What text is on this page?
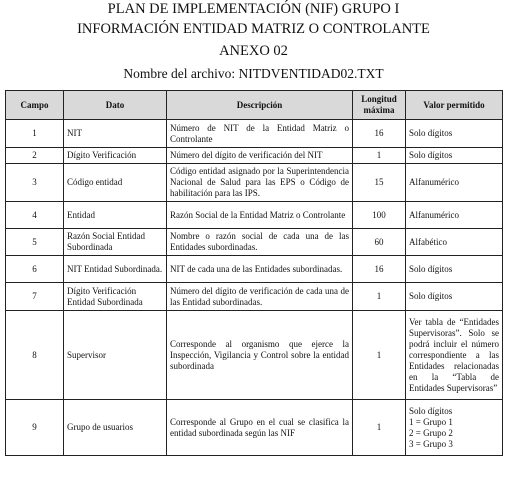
PLAN DE IMPLEMENTACIÓN (NIF) GRUPO I
INFORMACIÓN ENTIDAD MATRIZ O CONTROLANTE
ANEXO 02
Nombre del archivo: NITDVENTIDAD02.TXT
Campo	Dato	Descripción	Longitud máxima	Valor permitido
1	NIT	Número de NIT de la Entidad Matriz o Controlante	16	Solo dígitos
2	Dígito Verificación	Número del dígito de verificación del NIT	1	Solo dígitos
3	Código entidad	Código entidad asignado por la Superintendencia Nacional de Salud para las EPS o Código de habilitación para las IPS.	15	Alfanumérico
4	Entidad	Razón Social de la Entidad Matriz o Controlante	100	Alfanumérico
5	Razón Social Entidad Subordinada	Nombre o razón social de cada una de las Entidades subordinadas.	60	Alfabético
6	NIT Entidad Subordinada.	NIT de cada una de las Entidades subordinadas.	16	Solo dígitos
7	Dígito Verificación Entidad Subordinada	Número del dígito de verificación de cada una de las Entidad subordinadas.	1	Solo dígitos
8	Supervisor	Corresponde al organismo que ejerce la Inspección, Vigilancia y Control sobre la entidad subordinada	1	Ver tabla de “Entidades Supervisoras”. Solo se podrá incluir el número correspondiente a las Entidades relacionadas en la “Tabla de Entidades Supervisoras”
9	Grupo de usuarios	Corresponde al Grupo en el cual se clasifica la entidad subordinada según las NIF	1	Solo dígitos
1 = Grupo 1
2 = Grupo 2
3 = Grupo 3
